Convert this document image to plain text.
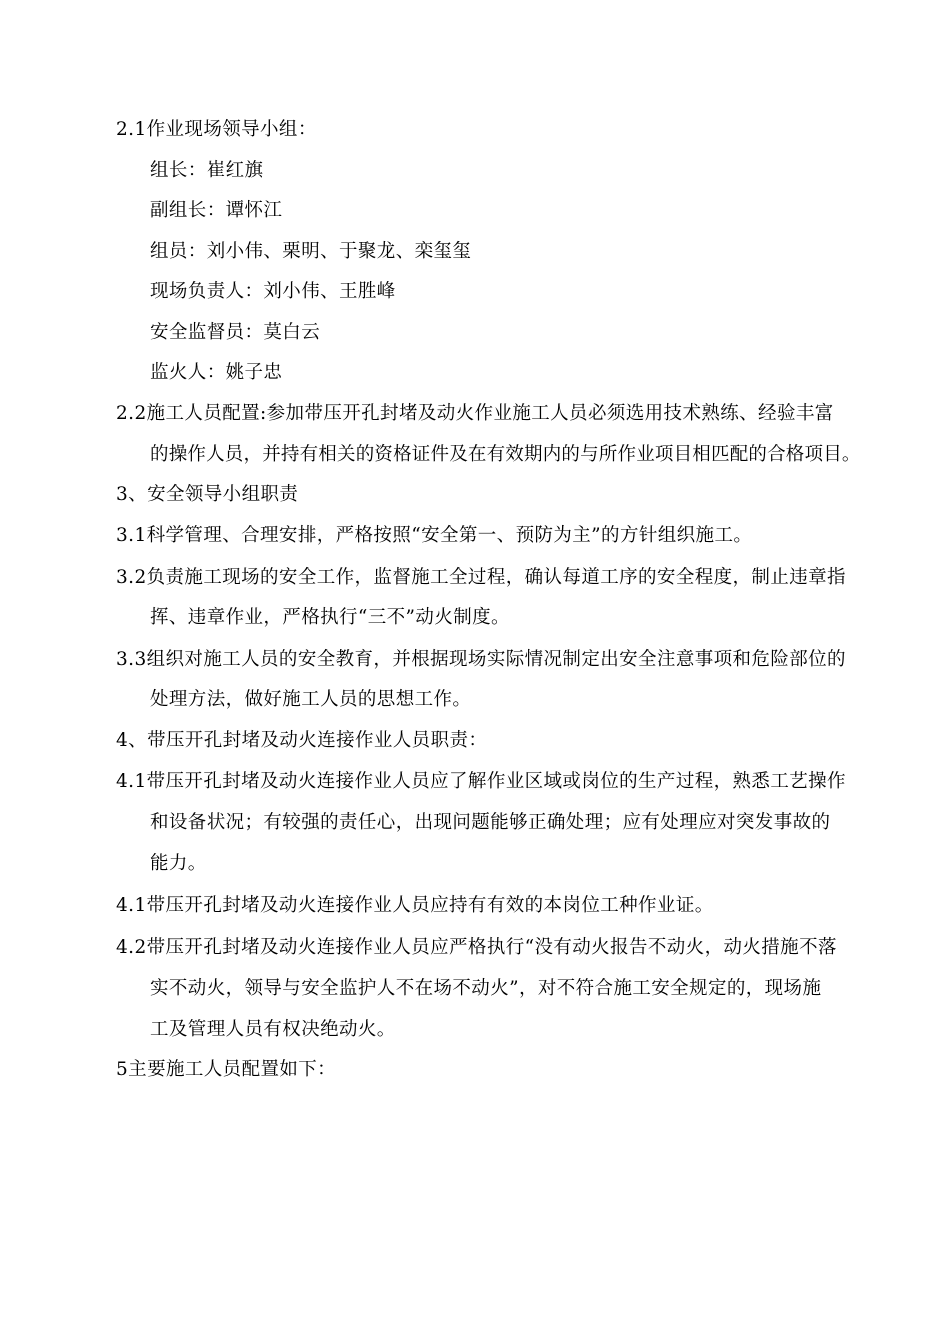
2.1作业现场领导小组：
组长：崔红旗
副组长：谭怀江
组员：刘小伟、栗明、于聚龙、栾玺玺
现场负责人：刘小伟、王胜峰
安全监督员：莫白云
监火人：姚子忠
2.2施工人员配置:参加带压开孔封堵及动火作业施工人员必须选用技术熟练、经验丰富
的操作人员，并持有相关的资格证件及在有效期内的与所作业项目相匹配的合格项目。
3、安全领导小组职责
3.1科学管理、合理安排，严格按照“安全第一、预防为主”的方针组织施工。
3.2负责施工现场的安全工作，监督施工全过程，确认每道工序的安全程度，制止违章指
挥、违章作业，严格执行“三不”动火制度。
3.3组织对施工人员的安全教育，并根据现场实际情况制定出安全注意事项和危险部位的
处理方法，做好施工人员的思想工作。
4、带压开孔封堵及动火连接作业人员职责：
4.1带压开孔封堵及动火连接作业人员应了解作业区域或岗位的生产过程，熟悉工艺操作
和设备状况；有较强的责任心，出现问题能够正确处理；应有处理应对突发事故的
能力。
4.1带压开孔封堵及动火连接作业人员应持有有效的本岗位工种作业证。
4.2带压开孔封堵及动火连接作业人员应严格执行“没有动火报告不动火，动火措施不落
实不动火，领导与安全监护人不在场不动火”，对不符合施工安全规定的，现场施
工及管理人员有权决绝动火。
5主要施工人员配置如下：
